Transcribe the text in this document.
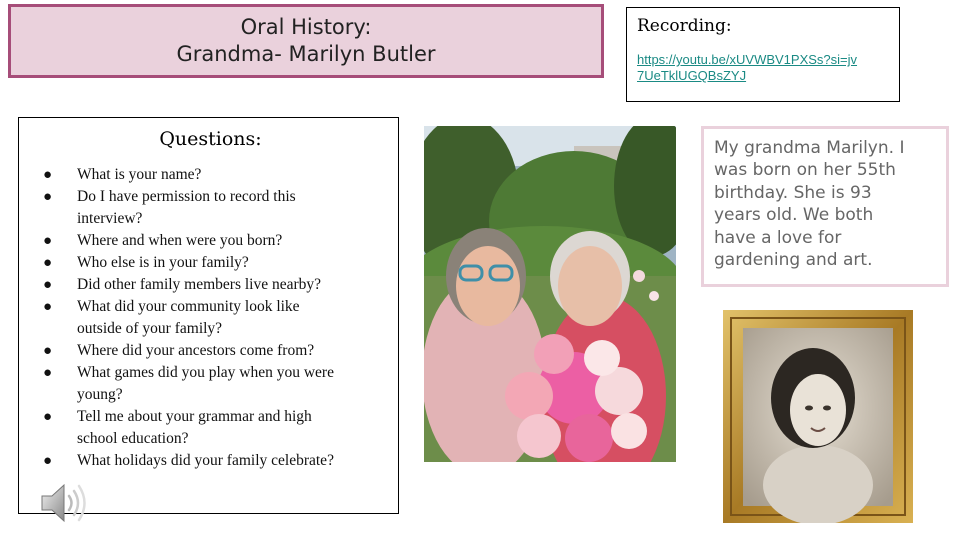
Oral History:
Grandma- Marilyn Butler
Recording:
https://youtu.be/xUVWBV1PXSs?si=jv
7UeTklUGQBsZYJ
Questions:
● What is your name?
● Do I have permission to record this
interview?
● Where and when were you born?
● Who else is in your family?
● Did other family members live nearby?
● What did your community look like
outside of your family?
● Where did your ancestors come from?
● What games did you play when you were
young?
● Tell me about your grammar and high
school education?
● What holidays did your family celebrate?
My grandma Marilyn. I
was born on her 55th
birthday. She is 93
years old. We both
have a love for
gardening and art.
